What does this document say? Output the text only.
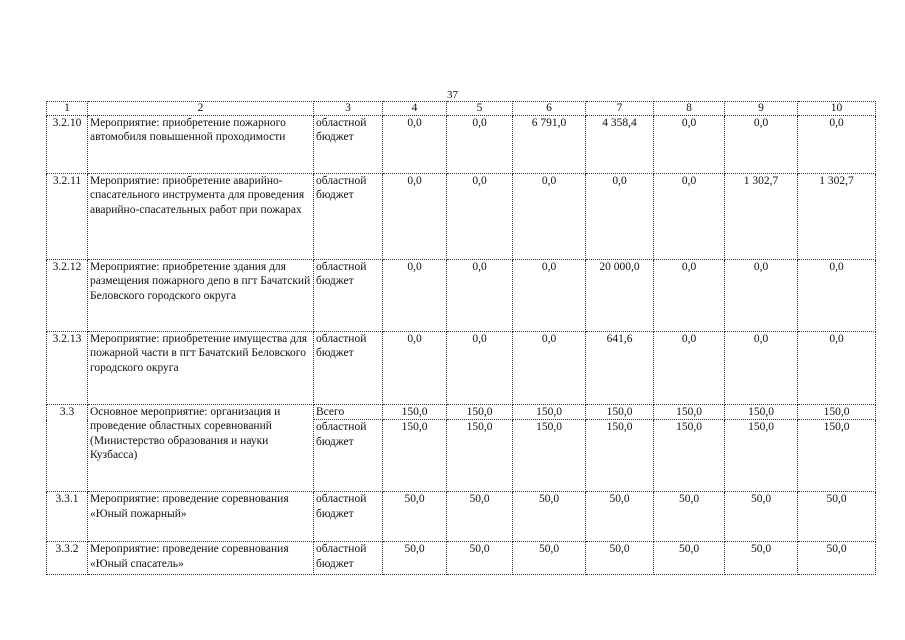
37
1	2	3	4	5	6	7	8	9	10
3.2.10	Мероприятие: приобретение пожарного автомобиля повышенной проходимости	областной бюджет	0,0	0,0	6 791,0	4 358,4	0,0	0,0	0,0
3.2.11	Мероприятие: приобретение аварийно-спасательного инструмента для проведения аварийно-спасательных работ при пожарах	областной бюджет	0,0	0,0	0,0	0,0	0,0	1 302,7	1 302,7
3.2.12	Мероприятие: приобретение здания для размещения пожарного депо в пгт Бачатский Беловского городского округа	областной бюджет	0,0	0,0	0,0	20 000,0	0,0	0,0	0,0
3.2.13	Мероприятие: приобретение имущества для пожарной части в пгт Бачатский Беловского городского округа	областной бюджет	0,0	0,0	0,0	641,6	0,0	0,0	0,0
3.3	Основное мероприятие: организация и проведение областных соревнований (Министерство образования и науки Кузбасса)	Всего	150,0	150,0	150,0	150,0	150,0	150,0	150,0
		областной бюджет	150,0	150,0	150,0	150,0	150,0	150,0	150,0
3.3.1	Мероприятие: проведение соревнования «Юный пожарный»	областной бюджет	50,0	50,0	50,0	50,0	50,0	50,0	50,0
3.3.2	Мероприятие: проведение соревнования «Юный спасатель»	областной бюджет	50,0	50,0	50,0	50,0	50,0	50,0	50,0
